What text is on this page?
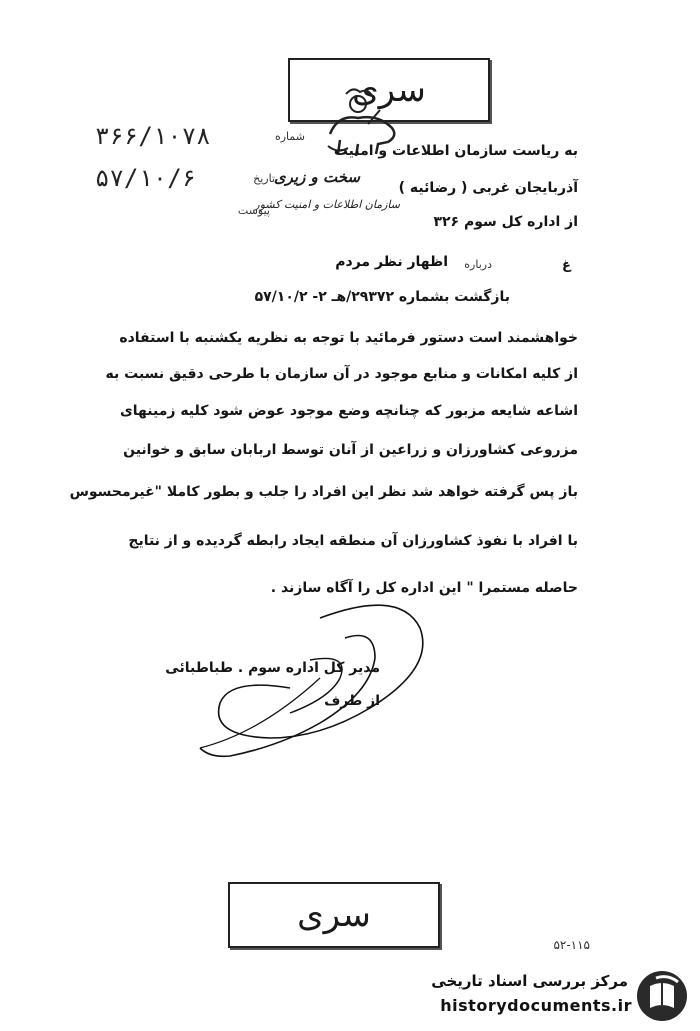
سری
سازمان اطلاعات و امنیت کشور
سخت و زیری
۳۶۶/۱۰۷۸	شماره
۵۷/۱۰/۶	تاریخ
پیوست
به ریاست سازمان اطلاعات و امنیت
آذربایجان غربی ( رضائیه )
از اداره کل سوم ۳۲۶
اظهار نظر مردم	درباره	غ
بازگشت بشماره ۲۹۳۷۲/هـ ۲- ۵۷/۱۰/۲
خواهشمند است دستور فرمائید با توجه به نظریه یکشنبه با استفاده
از کلیه امکانات و منابع موجود در آن سازمان با طرحی دقیق نسبت به
اشاعه شایعه مزبور که چنانچه وضع موجود عوض شود کلیه زمینهای
مزروعی کشاورزان و زراعین از آنان توسط اربابان سابق و خوانین
باز پس گرفته خواهد شد نظر این افراد را جلب و بطور کاملا "غیرمحسوس
با افراد با نفوذ کشاورزان آن منطقه ایجاد رابطه گردیده و از نتایج
حاصله مستمرا " این اداره کل را آگاه سازند .
مدیر کل اداره سوم . طباطبائی
از طرف
سری
۵۲-۱۱۵
مرکز بررسی اسناد تاریخی
historydocuments.ir
